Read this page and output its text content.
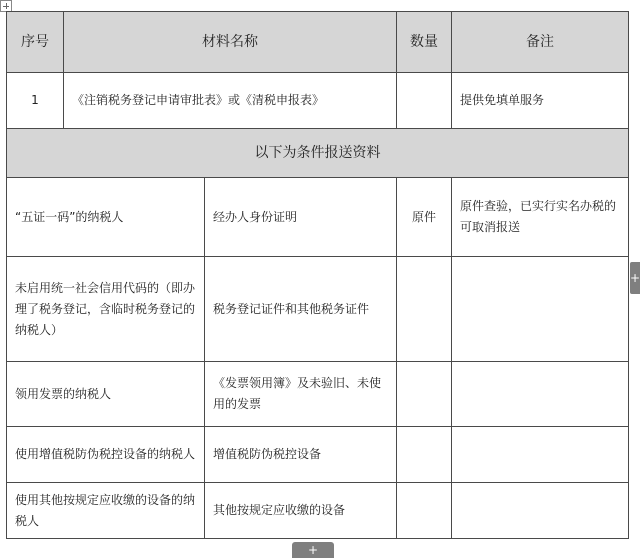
序号	材料名称		数量	备注
1	《注销税务登记申请审批表》或《清税申报表》			提供免填单服务
以下为条件报送资料				
“五证一码”的纳税人		经办人身份证明	原件	原件查验，已实行实名办税的可取消报送
未启用统一社会信用代码的（即办理了税务登记，含临时税务登记的纳税人）		税务登记证件和其他税务证件		
领用发票的纳税人		《发票领用簿》及未验旧、未使用的发票		
使用增值税防伪税控设备的纳税人		增值税防伪税控设备		
使用其他按规定应收缴的设备的纳税人		其他按规定应收缴的设备		
+
+
